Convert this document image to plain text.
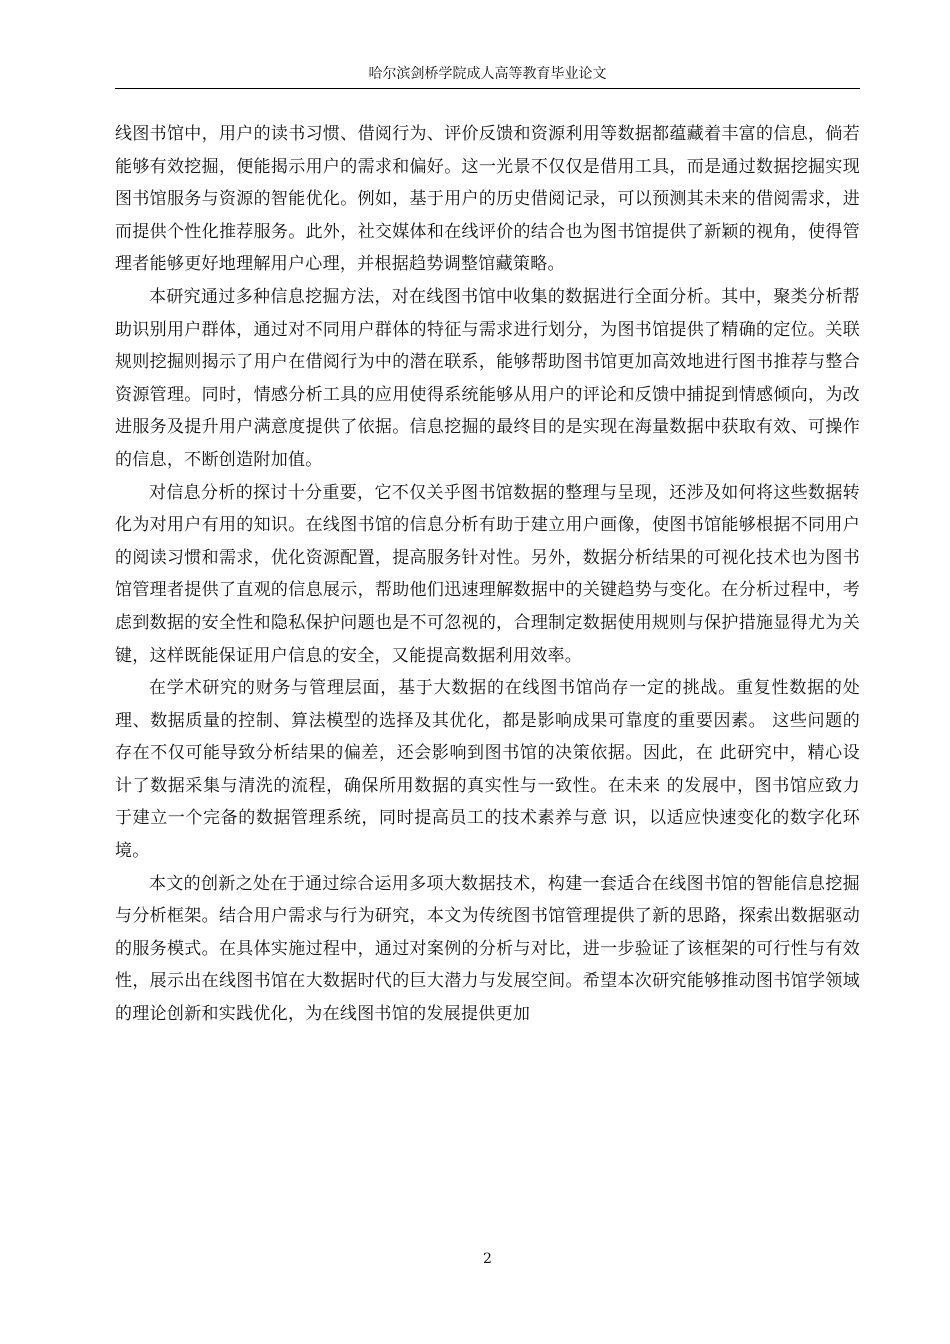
哈尔滨剑桥学院成人高等教育毕业论文

线图书馆中，用户的读书习惯、借阅行为、评价反馈和资源利用等数据都蕴藏着丰富的信息，倘若能够有效挖掘，便能揭示用户的需求和偏好。这一光景不仅仅是借用工具，而是通过数据挖掘实现图书馆服务与资源的智能优化。例如，基于用户的历史借阅记录，可以预测其未来的借阅需求，进而提供个性化推荐服务。此外，社交媒体和在线评价的结合也为图书馆提供了新颖的视角，使得管理者能够更好地理解用户心理，并根据趋势调整馆藏策略。

本研究通过多种信息挖掘方法，对在线图书馆中收集的数据进行全面分析。其中，聚类分析帮助识别用户群体，通过对不同用户群体的特征与需求进行划分，为图书馆提供了精确的定位。关联规则挖掘则揭示了用户在借阅行为中的潜在联系，能够帮助图书馆更加高效地进行图书推荐与整合资源管理。同时，情感分析工具的应用使得系统能够从用户的评论和反馈中捕捉到情感倾向，为改进服务及提升用户满意度提供了依据。信息挖掘的最终目的是实现在海量数据中获取有效、可操作的信息，不断创造附加值。

对信息分析的探讨十分重要，它不仅关乎图书馆数据的整理与呈现，还涉及如何将这些数据转化为对用户有用的知识。在线图书馆的信息分析有助于建立用户画像，使图书馆能够根据不同用户的阅读习惯和需求，优化资源配置，提高服务针对性。另外，数据分析结果的可视化技术也为图书馆管理者提供了直观的信息展示，帮助他们迅速理解数据中的关键趋势与变化。在分析过程中，考虑到数据的安全性和隐私保护问题也是不可忽视的，合理制定数据使用规则与保护措施显得尤为关键，这样既能保证用户信息的安全，又能提高数据利用效率。

在学术研究的财务与管理层面，基于大数据的在线图书馆尚存一定的挑战。重复性数据的处理、数据质量的控制、算法模型的选择及其优化，都是影响成果可靠度的重要因素。 这些问题的存在不仅可能导致分析结果的偏差，还会影响到图书馆的决策依据。因此，在 此研究中，精心设计了数据采集与清洗的流程，确保所用数据的真实性与一致性。在未来 的发展中，图书馆应致力于建立一个完备的数据管理系统，同时提高员工的技术素养与意 识，以适应快速变化的数字化环境。

本文的创新之处在于通过综合运用多项大数据技术，构建一套适合在线图书馆的智能信息挖掘与分析框架。结合用户需求与行为研究，本文为传统图书馆管理提供了新的思路，探索出数据驱动的服务模式。在具体实施过程中，通过对案例的分析与对比，进一步验证了该框架的可行性与有效性，展示出在线图书馆在大数据时代的巨大潜力与发展空间。希望本次研究能够推动图书馆学领域的理论创新和实践优化，为在线图书馆的发展提供更加

2
